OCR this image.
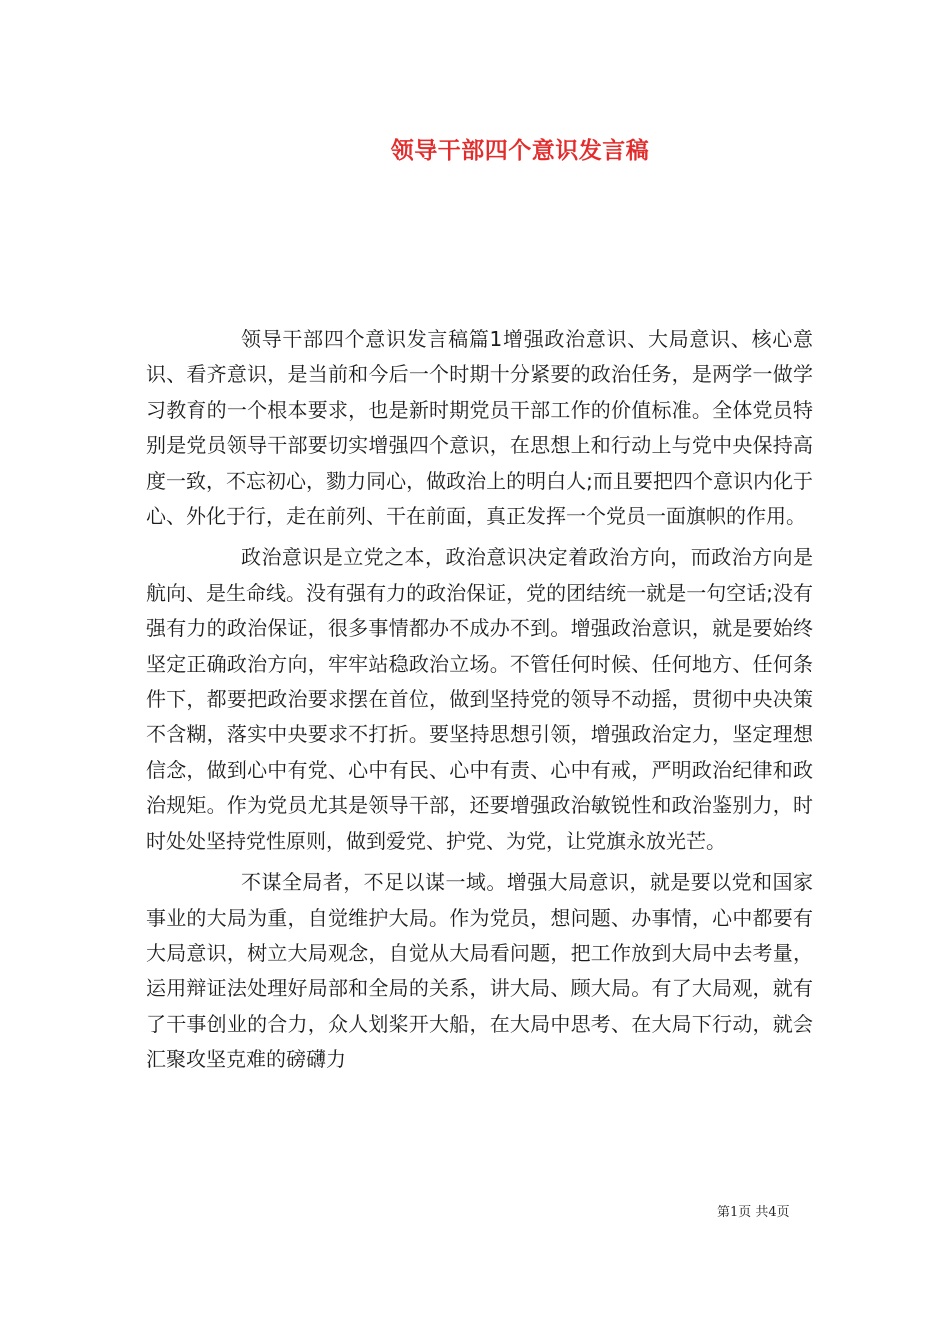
领导干部四个意识发言稿

领导干部四个意识发言稿篇1增强政治意识、大局意识、核心意识、看齐意识，是当前和今后一个时期十分紧要的政治任务，是两学一做学习教育的一个根本要求，也是新时期党员干部工作的价值标准。全体党员特别是党员领导干部要切实增强四个意识，在思想上和行动上与党中央保持高度一致，不忘初心，勠力同心，做政治上的明白人;而且要把四个意识内化于心、外化于行，走在前列、干在前面，真正发挥一个党员一面旗帜的作用。

政治意识是立党之本，政治意识决定着政治方向，而政治方向是航向、是生命线。没有强有力的政治保证，党的团结统一就是一句空话;没有强有力的政治保证，很多事情都办不成办不到。增强政治意识，就是要始终坚定正确政治方向，牢牢站稳政治立场。不管任何时候、任何地方、任何条件下，都要把政治要求摆在首位，做到坚持党的领导不动摇，贯彻中央决策不含糊，落实中央要求不打折。要坚持思想引领，增强政治定力，坚定理想信念，做到心中有党、心中有民、心中有责、心中有戒，严明政治纪律和政治规矩。作为党员尤其是领导干部，还要增强政治敏锐性和政治鉴别力，时时处处坚持党性原则，做到爱党、护党、为党，让党旗永放光芒。

不谋全局者，不足以谋一域。增强大局意识，就是要以党和国家事业的大局为重，自觉维护大局。作为党员，想问题、办事情，心中都要有大局意识，树立大局观念，自觉从大局看问题，把工作放到大局中去考量，运用辩证法处理好局部和全局的关系，讲大局、顾大局。有了大局观，就有了干事创业的合力，众人划桨开大船，在大局中思考、在大局下行动，就会汇聚攻坚克难的磅礴力

第1页 共4页
